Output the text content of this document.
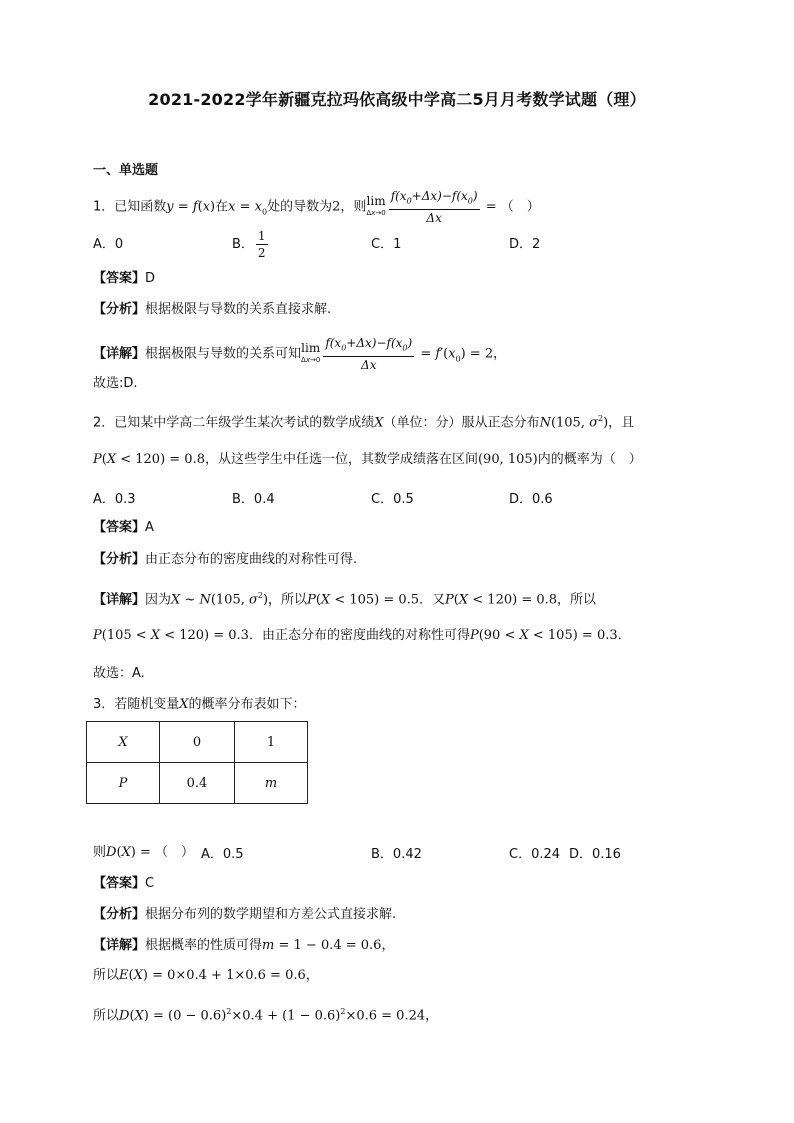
2021-2022学年新疆克拉玛依高级中学高二5月月考数学试题（理）
一、单选题
1．已知函数y = f(x)在$x = x_0$处的导数为2，则 lim
$\Delta x\to 0 \frac{f(x_0+\Delta x)-f(x_0)}{\Delta x}$ = （　）
A．0	B． $\frac{1}{2}$	C．1	D．2
【答案】D
【分析】根据极限与导数的关系直接求解.
【详解】根据极限与导数的关系可知 lim
$\Delta x\to 0 \frac{f(x_0+\Delta x)-f(x_0)}{\Delta x} = f'(x_0) = 2$，
故选:D.
2．已知某中学高二年级学生某次考试的数学成绩X（单位：分）服从正态分布N(105, $\sigma^2$)，且
P(X < 120) = 0.8，从这些学生中任选一位，其数学成绩落在区间(90, 105)内的概率为（　）
A．0.3	B．0.4	C．0.5	D．0.6
【答案】A
【分析】由正态分布的密度曲线的对称性可得.
【详解】因为X ~ N(105, $\sigma^2$)，所以P(X < 105) = 0.5．又P(X < 120) = 0.8，所以
P(105 < X < 120) = 0.3．由正态分布的密度曲线的对称性可得P(90 < X < 105) = 0.3．
故选：A.
3．若随机变量X的概率分布表如下：
X	0	1
P	0.4	m
则D(X) = （　） A．0.5	B．0.42	C．0.24 D．0.16
【答案】C
【分析】根据分布列的数学期望和方差公式直接求解.
【详解】根据概率的性质可得m = 1 − 0.4 = 0.6，
所以E(X) = 0×0.4 + 1×0.6 = 0.6，
所以$D(X) = (0 - 0.6)^2\times 0.4 + (1 - 0.6)^2\times 0.6 = 0.24$，
